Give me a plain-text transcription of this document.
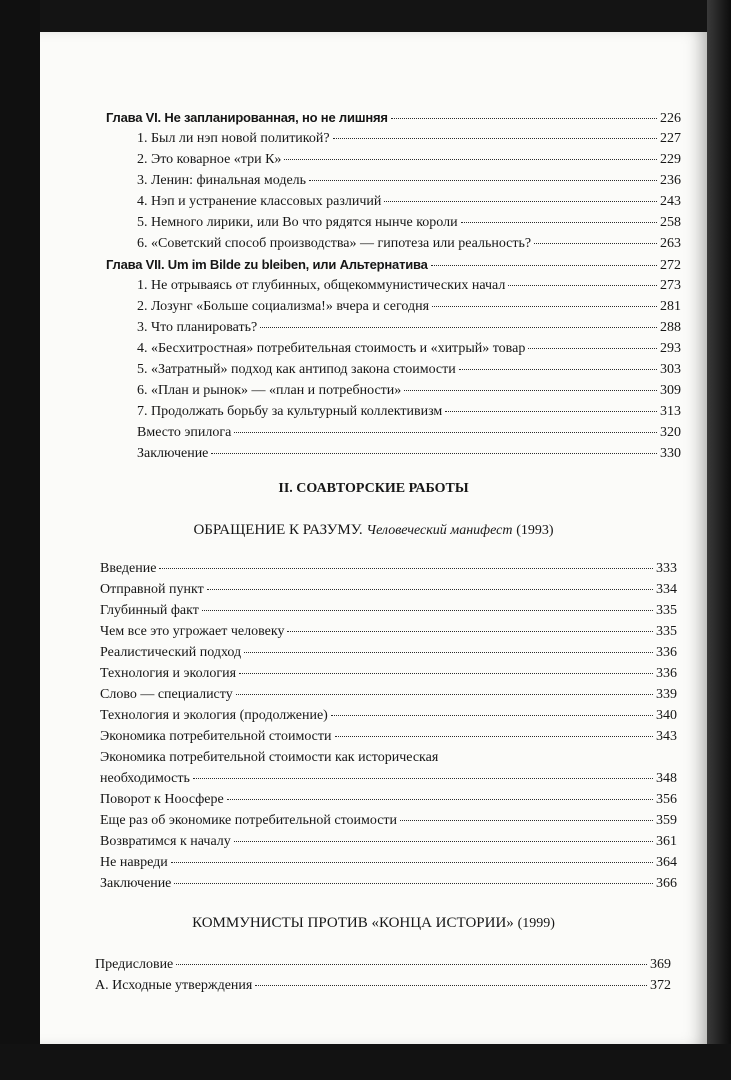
Глава VI. Не запланированная, но не лишняя	226
1. Был ли нэп новой политикой?	227
2. Это коварное «три К»	229
3. Ленин: финальная модель	236
4. Нэп и устранение классовых различий	243
5. Немного лирики, или Во что рядятся нынче короли	258
6. «Советский способ производства» — гипотеза или реальность?	263
Глава VII. Um im Bilde zu bleiben, или Альтернатива	272
1. Не отрываясь от глубинных, общекоммунистических начал	273
2. Лозунг «Больше социализма!» вчера и сегодня	281
3. Что планировать?	288
4. «Бесхитростная» потребительная стоимость и «хитрый» товар	293
5. «Затратный» подход как антипод закона стоимости	303
6. «План и рынок» — «план и потребности»	309
7. Продолжать борьбу за культурный коллективизм	313
Вместо эпилога	320
Заключение	330
II. СОАВТОРСКИЕ РАБОТЫ
ОБРАЩЕНИЕ К РАЗУМУ. Человеческий манифест (1993)
Введение	333
Отправной пункт	334
Глубинный факт	335
Чем все это угрожает человеку	335
Реалистический подход	336
Технология и экология	336
Слово — специалисту	339
Технология и экология (продолжение)	340
Экономика потребительной стоимости	343
Экономика потребительной стоимости как историческая
необходимость	348
Поворот к Ноосфере	356
Еще раз об экономике потребительной стоимости	359
Возвратимся к началу	361
Не навреди	364
Заключение	366
КОММУНИСТЫ ПРОТИВ «КОНЦА ИСТОРИИ» (1999)
Предисловие	369
А. Исходные утверждения	372
